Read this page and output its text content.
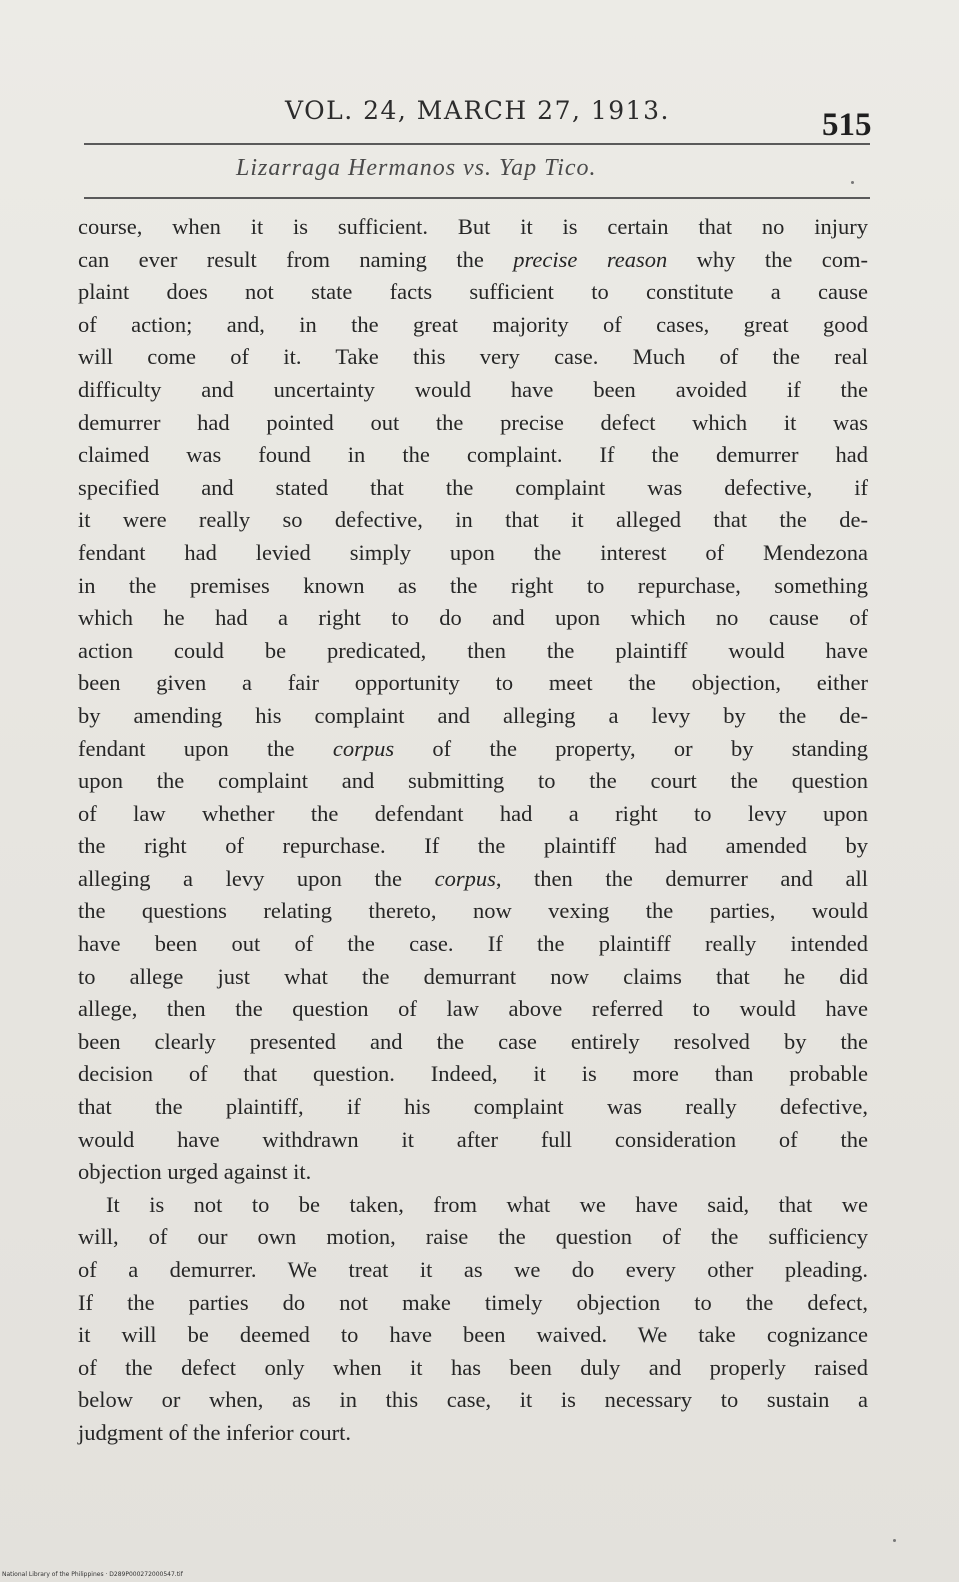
VOL. 24, MARCH 27, 1913.	515
Lizarraga Hermanos vs. Yap Tico.
course, when it is sufficient. But it is certain that no injury
can ever result from naming the precise reason why the com-
plaint does not state facts sufficient to constitute a cause
of action; and, in the great majority of cases, great good
will come of it. Take this very case. Much of the real
difficulty and uncertainty would have been avoided if the
demurrer had pointed out the precise defect which it was
claimed was found in the complaint. If the demurrer had
specified and stated that the complaint was defective, if
it were really so defective, in that it alleged that the de-
fendant had levied simply upon the interest of Mendezona
in the premises known as the right to repurchase, something
which he had a right to do and upon which no cause of
action could be predicated, then the plaintiff would have
been given a fair opportunity to meet the objection, either
by amending his complaint and alleging a levy by the de-
fendant upon the corpus of the property, or by standing
upon the complaint and submitting to the court the question
of law whether the defendant had a right to levy upon
the right of repurchase. If the plaintiff had amended by
alleging a levy upon the corpus, then the demurrer and all
the questions relating thereto, now vexing the parties, would
have been out of the case. If the plaintiff really intended
to allege just what the demurrant now claims that he did
allege, then the question of law above referred to would have
been clearly presented and the case entirely resolved by the
decision of that question. Indeed, it is more than probable
that the plaintiff, if his complaint was really defective,
would have withdrawn it after full consideration of the
objection urged against it.
It is not to be taken, from what we have said, that we
will, of our own motion, raise the question of the sufficiency
of a demurrer. We treat it as we do every other pleading.
If the parties do not make timely objection to the defect,
it will be deemed to have been waived. We take cognizance
of the defect only when it has been duly and properly raised
below or when, as in this case, it is necessary to sustain a
judgment of the inferior court.
National Library of the Philippines · D289P000272000547.tif
